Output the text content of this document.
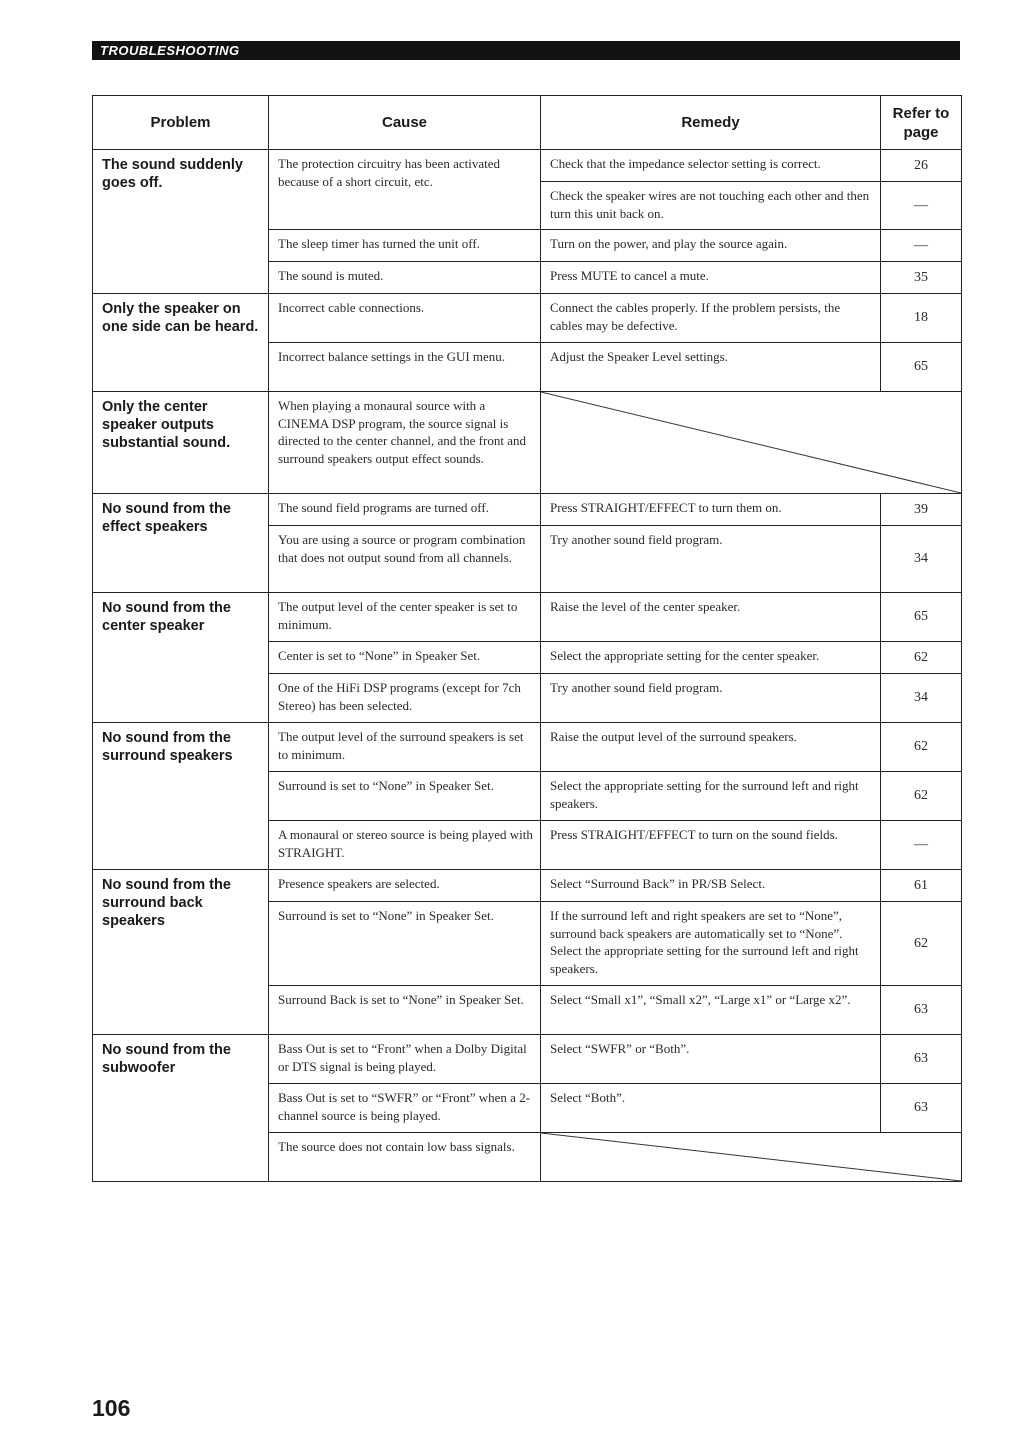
TROUBLESHOOTING
Problem	Cause	Remedy	Refer to page
The sound suddenly goes off.	The protection circuitry has been activated because of a short circuit, etc.	Check that the impedance selector setting is correct.	26
		Check the speaker wires are not touching each other and then turn this unit back on.	—
	The sleep timer has turned the unit off.	Turn on the power, and play the source again.	—
	The sound is muted.	Press MUTE to cancel a mute.	35
Only the speaker on one side can be heard.	Incorrect cable connections.	Connect the cables properly. If the problem persists, the cables may be defective.	18
	Incorrect balance settings in the GUI menu.	Adjust the Speaker Level settings.	65
Only the center speaker outputs substantial sound.	When playing a monaural source with a CINEMA DSP program, the source signal is directed to the center channel, and the front and surround speakers output effect sounds.	

No sound from the effect speakers	The sound field programs are turned off.	Press STRAIGHT/EFFECT to turn them on.	39
	You are using a source or program combination that does not output sound from all channels.	Try another sound field program.	34
No sound from the center speaker	The output level of the center speaker is set to minimum.	Raise the level of the center speaker.	65
	Center is set to “None” in Speaker Set.	Select the appropriate setting for the center speaker.	62
	One of the HiFi DSP programs (except for 7ch Stereo) has been selected.	Try another sound field program.	34
No sound from the surround speakers	The output level of the surround speakers is set to minimum.	Raise the output level of the surround speakers.	62
	Surround is set to “None” in Speaker Set.	Select the appropriate setting for the surround left and right speakers.	62
	A monaural or stereo source is being played with STRAIGHT.	Press STRAIGHT/EFFECT to turn on the sound fields.	—
No sound from the surround back speakers	Presence speakers are selected.	Select “Surround Back” in PR/SB Select.	61
	Surround is set to “None” in Speaker Set.	If the surround left and right speakers are set to “None”, surround back speakers are automatically set to “None”. Select the appropriate setting for the surround left and right speakers.	62
	Surround Back is set to “None” in Speaker Set.	Select “Small x1”, “Small x2”, “Large x1” or “Large x2”.	63
No sound from the subwoofer	Bass Out is set to “Front” when a Dolby Digital or DTS signal is being played.	Select “SWFR” or “Both”.	63
	Bass Out is set to “SWFR” or “Front” when a 2-channel source is being played.	Select “Both”.	63
	The source does not contain low bass signals.	
106
